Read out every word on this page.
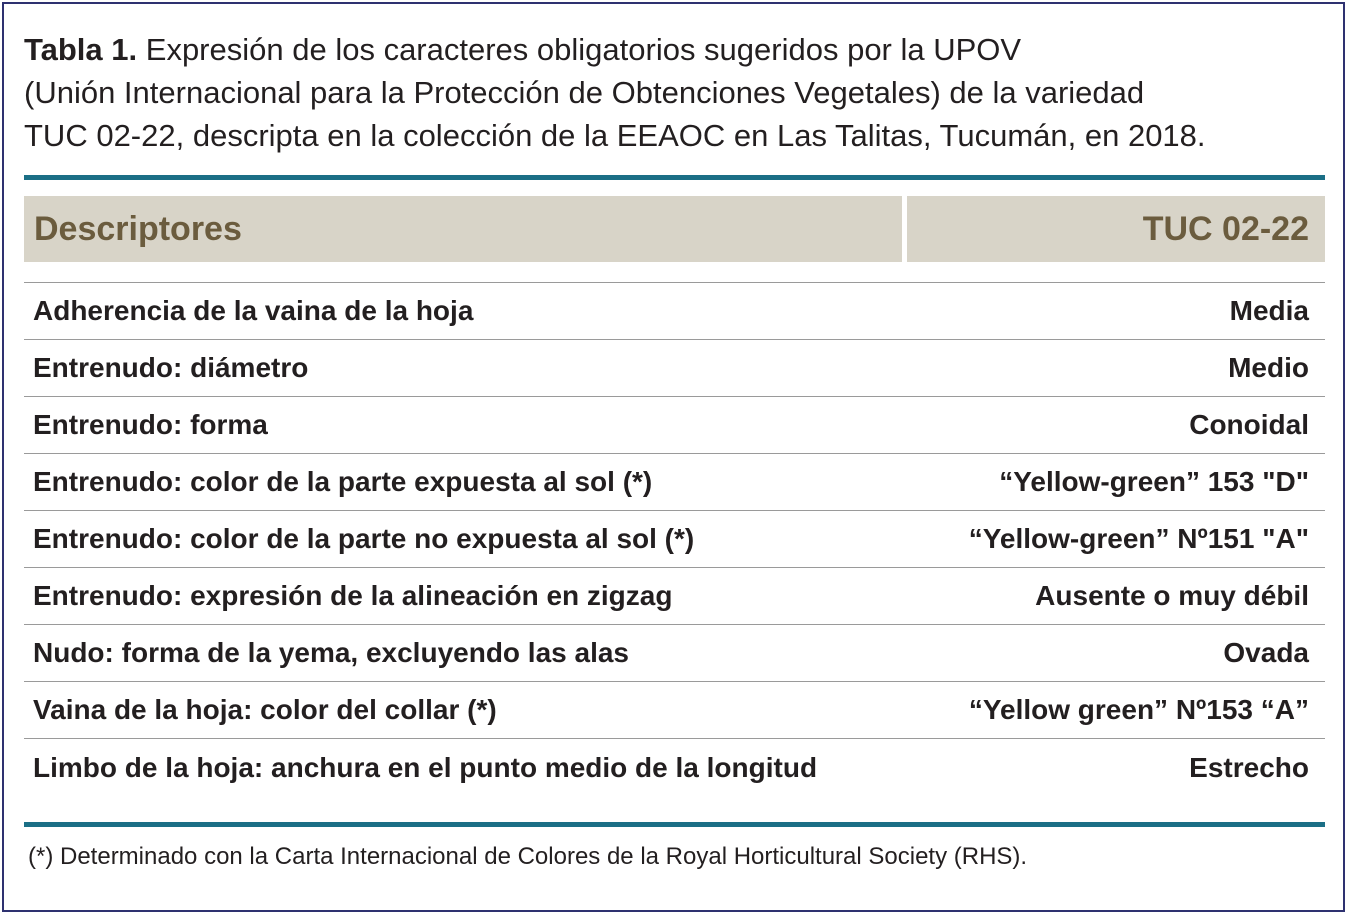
Tabla 1. Expresión de los caracteres obligatorios sugeridos por la UPOV
(Unión Internacional para la Protección de Obtenciones Vegetales) de la variedad
TUC 02-22, descripta en la colección de la EEAOC en Las Talitas, Tucumán, en 2018.
Descriptores	TUC 02-22
Adherencia de la vaina de la hoja	Media
Entrenudo: diámetro	Medio
Entrenudo: forma	Conoidal
Entrenudo: color de la parte expuesta al sol (*)	“Yellow-green” 153 "D"
Entrenudo: color de la parte no expuesta al sol (*)	“Yellow-green” Nº151 "A"
Entrenudo: expresión de la alineación en zigzag	Ausente o muy débil
Nudo: forma de la yema, excluyendo las alas	Ovada
Vaina de la hoja: color del collar (*)	“Yellow green” Nº153 “A”
Limbo de la hoja: anchura en el punto medio de la longitud	Estrecho
(*) Determinado con la Carta Internacional de Colores de la Royal Horticultural Society (RHS).
